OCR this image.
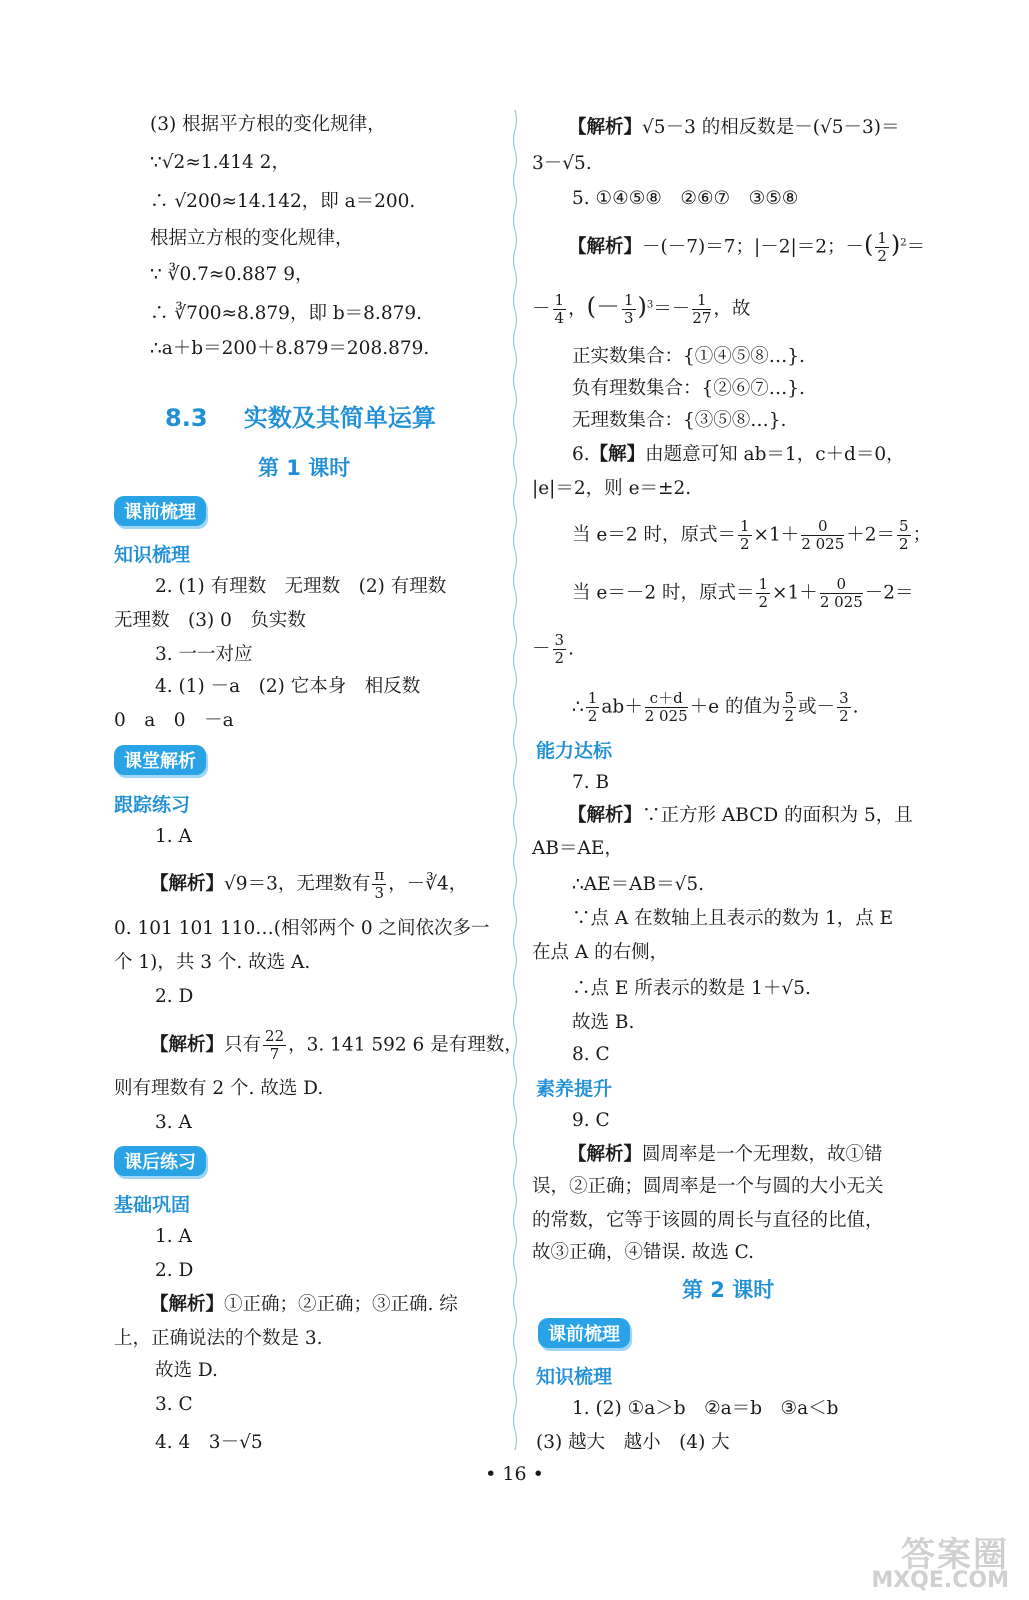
(3) 根据平方根的变化规律，
∵√2≈1.414 2，
∴ √200≈14.142，即 a＝200.
根据立方根的变化规律，
∵ ∛0.7≈0.887 9，
∴ ∛700≈8.879，即 b＝8.879.
∴a＋b＝200＋8.879＝208.879.
8.3 实数及其简单运算
第 1 课时
课前梳理
知识梳理
2. (1) 有理数　无理数　(2) 有理数
无理数　(3) 0　负实数
3. 一一对应
4. (1) －a　(2) 它本身　相反数
0　a　0　－a
课堂解析
跟踪练习
1. A
【解析】√9＝3，无理数有 $\frac{\pi}{3}$ ，－∛4，
0. 101 101 110…(相邻两个 0 之间依次多一
个 1)，共 3 个. 故选 A.
2. D
【解析】只有 $\frac{22}{7}$ ，3. 141 592 6 是有理数，
则有理数有 2 个. 故选 D.
3. A
课后练习
基础巩固
1. A
2. D
【解析】①正确；②正确；③正确. 综
上，正确说法的个数是 3.
故选 D.
3. C
4. 4　3－√5
【解析】√5－3 的相反数是－(√5－3)＝
3－√5.
5. ①④⑤⑧　②⑥⑦　③⑤⑧
【解析】－(－7)＝7；|－2|＝2；－( $\frac{1}{2} )^2=$
－ $\frac{1}{4}$ ，(－ $\frac{1}{3} )^3=- \frac{1}{27}$ ，故
正实数集合：{①④⑤⑧…}.
负有理数集合：{②⑥⑦…}.
无理数集合：{③⑤⑧…}.
6.【解】由题意可知 ab＝1，c＋d＝0，
|e|＝2，则 e＝±2.
当 e＝2 时，原式＝ $\frac{1}{2} \times 1+ \frac{0}{2 025} +2= \frac{5}{2}$ ；
当 e＝－2 时，原式＝ $\frac{1}{2} \times 1+ \frac{0}{2 025} -2=$
－ $\frac{3}{2}$ .
∴ $\frac{1}{2} ab+ \frac{c+d}{2 025} +e$ 的值为 $\frac{5}{2}$ 或－ $\frac{3}{2}$ .
能力达标
7. B
【解析】∵正方形 ABCD 的面积为 5，且
AB＝AE，
∴AE＝AB＝√5.
∵点 A 在数轴上且表示的数为 1，点 E
在点 A 的右侧，
∴点 E 所表示的数是 1＋√5.
故选 B.
8. C
素养提升
9. C
【解析】圆周率是一个无理数，故①错
误，②正确；圆周率是一个与圆的大小无关
的常数，它等于该圆的周长与直径的比值，
故③正确，④错误. 故选 C.
第 2 课时
课前梳理
知识梳理
1. (2) ①a＞b　②a＝b　③a＜b
(3) 越大　越小　(4) 大
• 16 •
答案圈
MXQE.COM
